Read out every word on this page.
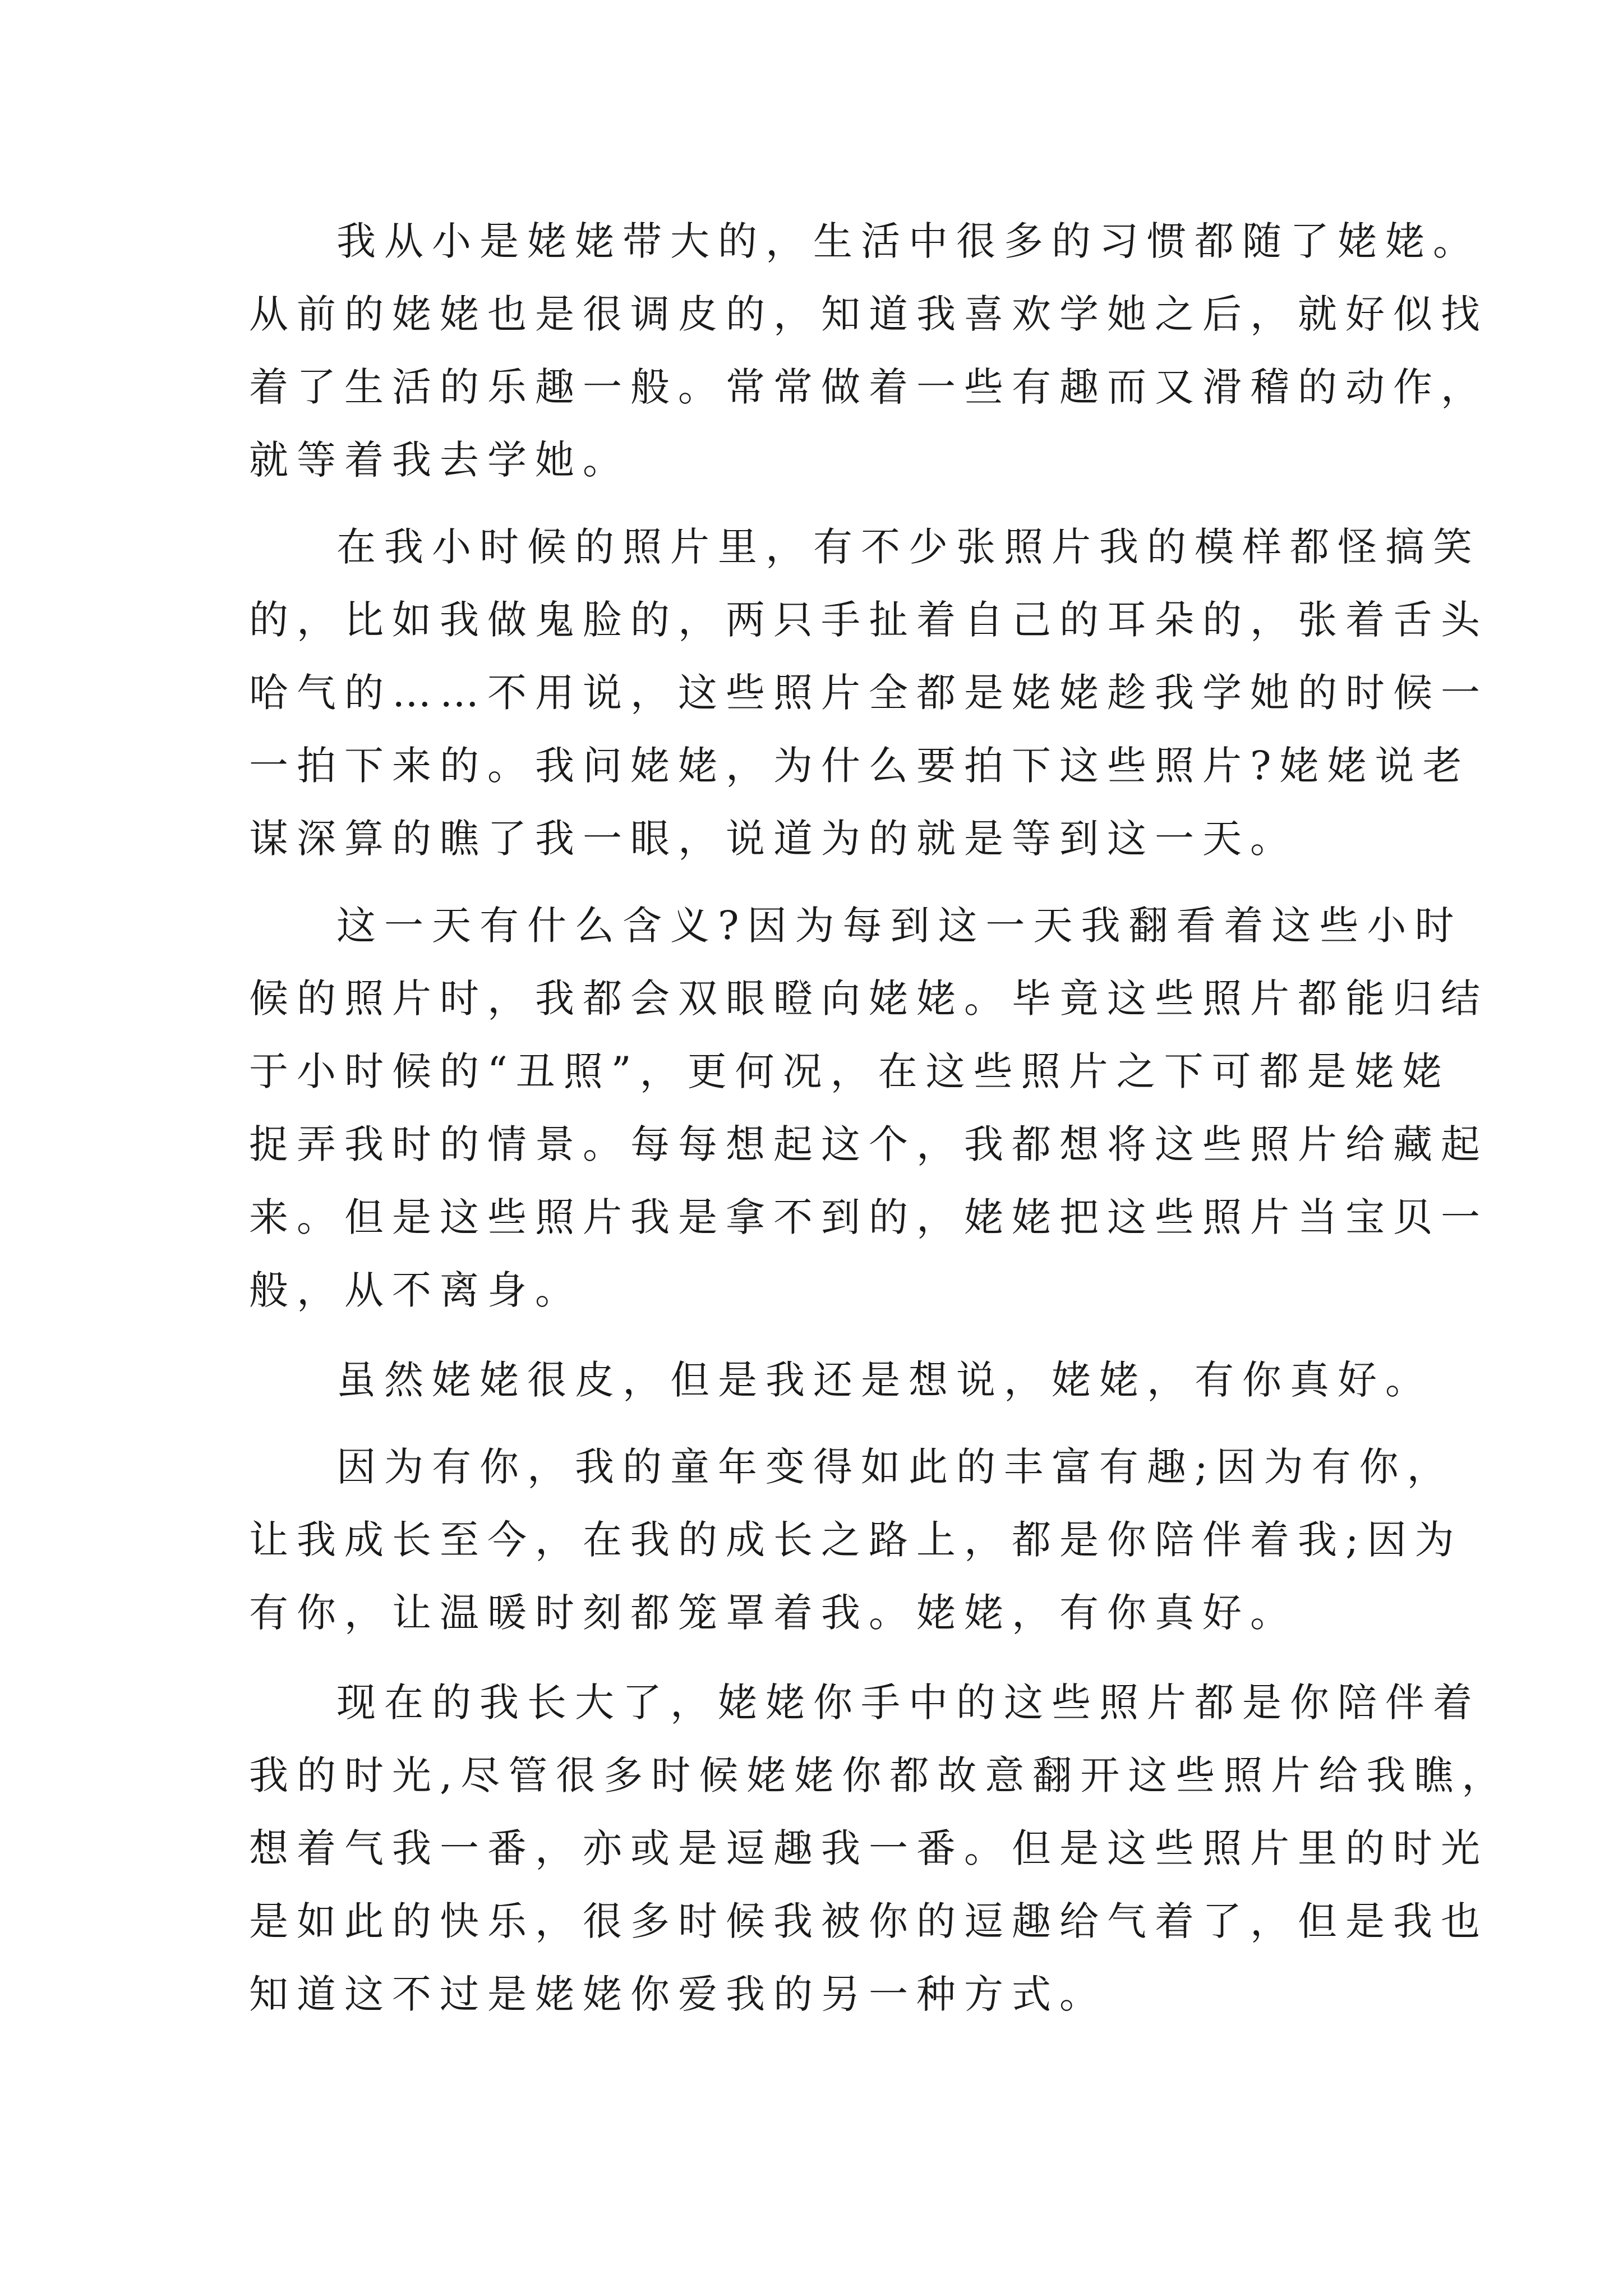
我从小是姥姥带大的，生活中很多的习惯都随了姥姥。

从前的姥姥也是很调皮的，知道我喜欢学她之后，就好似找

着了生活的乐趣一般。常常做着一些有趣而又滑稽的动作，

就等着我去学她。

在我小时候的照片里，有不少张照片我的模样都怪搞笑

的，比如我做鬼脸的，两只手扯着自己的耳朵的，张着舌头

哈气的……不用说，这些照片全都是姥姥趁我学她的时候一

一拍下来的。我问姥姥，为什么要拍下这些照片?姥姥说老

谋深算的瞧了我一眼，说道为的就是等到这一天。

这一天有什么含义?因为每到这一天我翻看着这些小时

候的照片时，我都会双眼瞪向姥姥。毕竟这些照片都能归结

于小时候的“丑照”，更何况，在这些照片之下可都是姥姥

捉弄我时的情景。每每想起这个，我都想将这些照片给藏起

来。但是这些照片我是拿不到的，姥姥把这些照片当宝贝一

般，从不离身。

虽然姥姥很皮，但是我还是想说，姥姥，有你真好。

因为有你，我的童年变得如此的丰富有趣;因为有你，

让我成长至今，在我的成长之路上，都是你陪伴着我;因为

有你，让温暖时刻都笼罩着我。姥姥，有你真好。

现在的我长大了，姥姥你手中的这些照片都是你陪伴着

我的时光,尽管很多时候姥姥你都故意翻开这些照片给我瞧，

想着气我一番，亦或是逗趣我一番。但是这些照片里的时光

是如此的快乐，很多时候我被你的逗趣给气着了，但是我也

知道这不过是姥姥你爱我的另一种方式。
